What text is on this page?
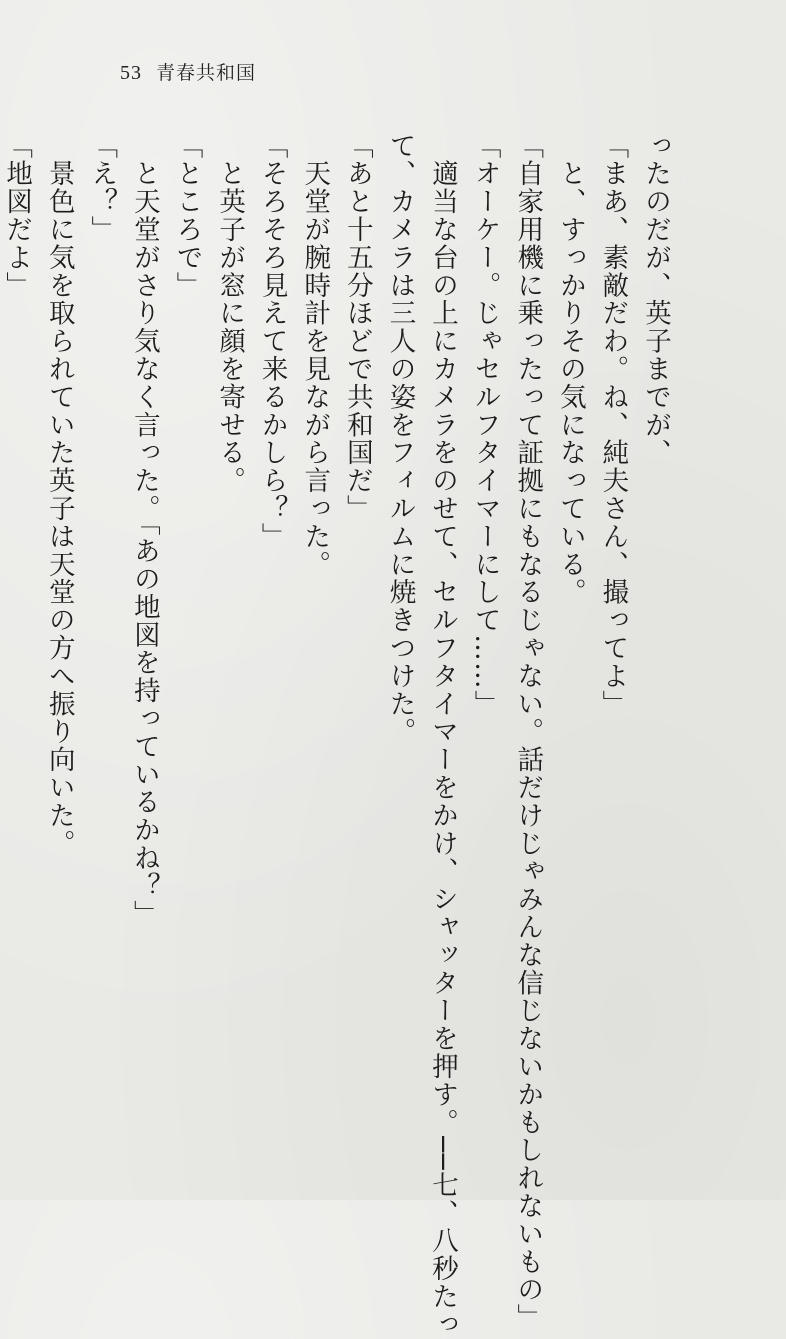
53 青春共和国
ったのだが、英子までが、
「まあ、素敵だわ。ね、純夫さん、撮ってよ」
　と、すっかりその気になっている。
「自家用機に乗ったって証拠にもなるじゃない。話だけじゃみんな信じないかもしれないもの」
「オーケー。じゃセルフタイマーにして……」
　適当な台の上にカメラをのせて、セルフタイマーをかけ、シャッターを押す。──七、八秒たっ
て、カメラは三人の姿をフィルムに焼きつけた。
「あと十五分ほどで共和国だ」
　天堂が腕時計を見ながら言った。
「そろそろ見えて来るかしら？」
　と英子が窓に顔を寄せる。
「ところで」
　と天堂がさり気なく言った。「あの地図を持っているかね？」
「え？」
　景色に気を取られていた英子は天堂の方へ振り向いた。
「地図だよ」
